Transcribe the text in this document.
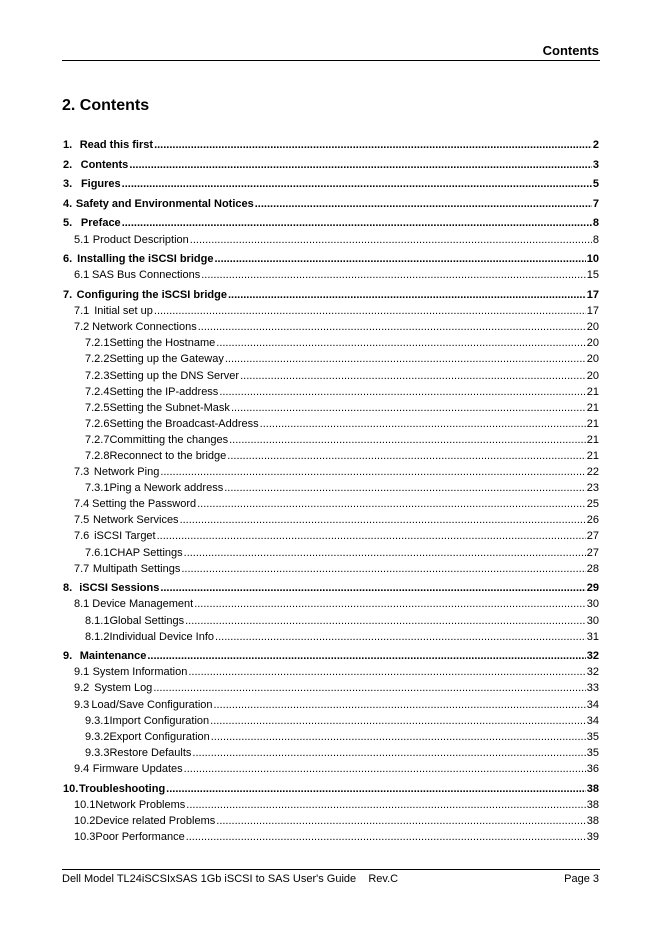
Contents
2. Contents
1. Read this first .....	2
2. Contents .....	3
3. Figures .....	5
4. Safety and Environmental Notices .....	7
5. Preface .....	8
5.1 Product Description .....	8
6. Installing the iSCSI bridge .....	10
6.1 SAS Bus Connections .....	15
7. Configuring the iSCSI bridge .....	17
7.1 Initial set up .....	17
7.2 Network Connections .....	20
7.2.1 Setting the Hostname .....	20
7.2.2 Setting up the Gateway .....	20
7.2.3 Setting up the DNS Server .....	20
7.2.4 Setting the IP-address .....	21
7.2.5 Setting the Subnet-Mask .....	21
7.2.6 Setting the Broadcast-Address .....	21
7.2.7 Committing the changes .....	21
7.2.8 Reconnect to the bridge .....	21
7.3 Network Ping .....	22
7.3.1 Ping a Nework address .....	23
7.4 Setting the Password .....	25
7.5 Network Services .....	26
7.6 iSCSI Target .....	27
7.6.1 CHAP Settings .....	27
7.7 Multipath Settings .....	28
8. iSCSI Sessions .....	29
8.1 Device Management .....	30
8.1.1 Global Settings .....	30
8.1.2 Individual Device Info .....	31
9. Maintenance .....	32
9.1 System Information .....	32
9.2 System Log .....	33
9.3 Load/Save Configuration .....	34
9.3.1 Import Configuration .....	34
9.3.2 Export Configuration .....	35
9.3.3 Restore Defaults .....	35
9.4 Firmware Updates .....	36
10. Troubleshooting .....	38
10.1 Network Problems .....	38
10.2 Device related Problems .....	38
10.3 Poor Performance .....	39
Dell Model TL24iSCSIxSAS 1Gb iSCSI to SAS User's Guide    Rev.C	Page 3
